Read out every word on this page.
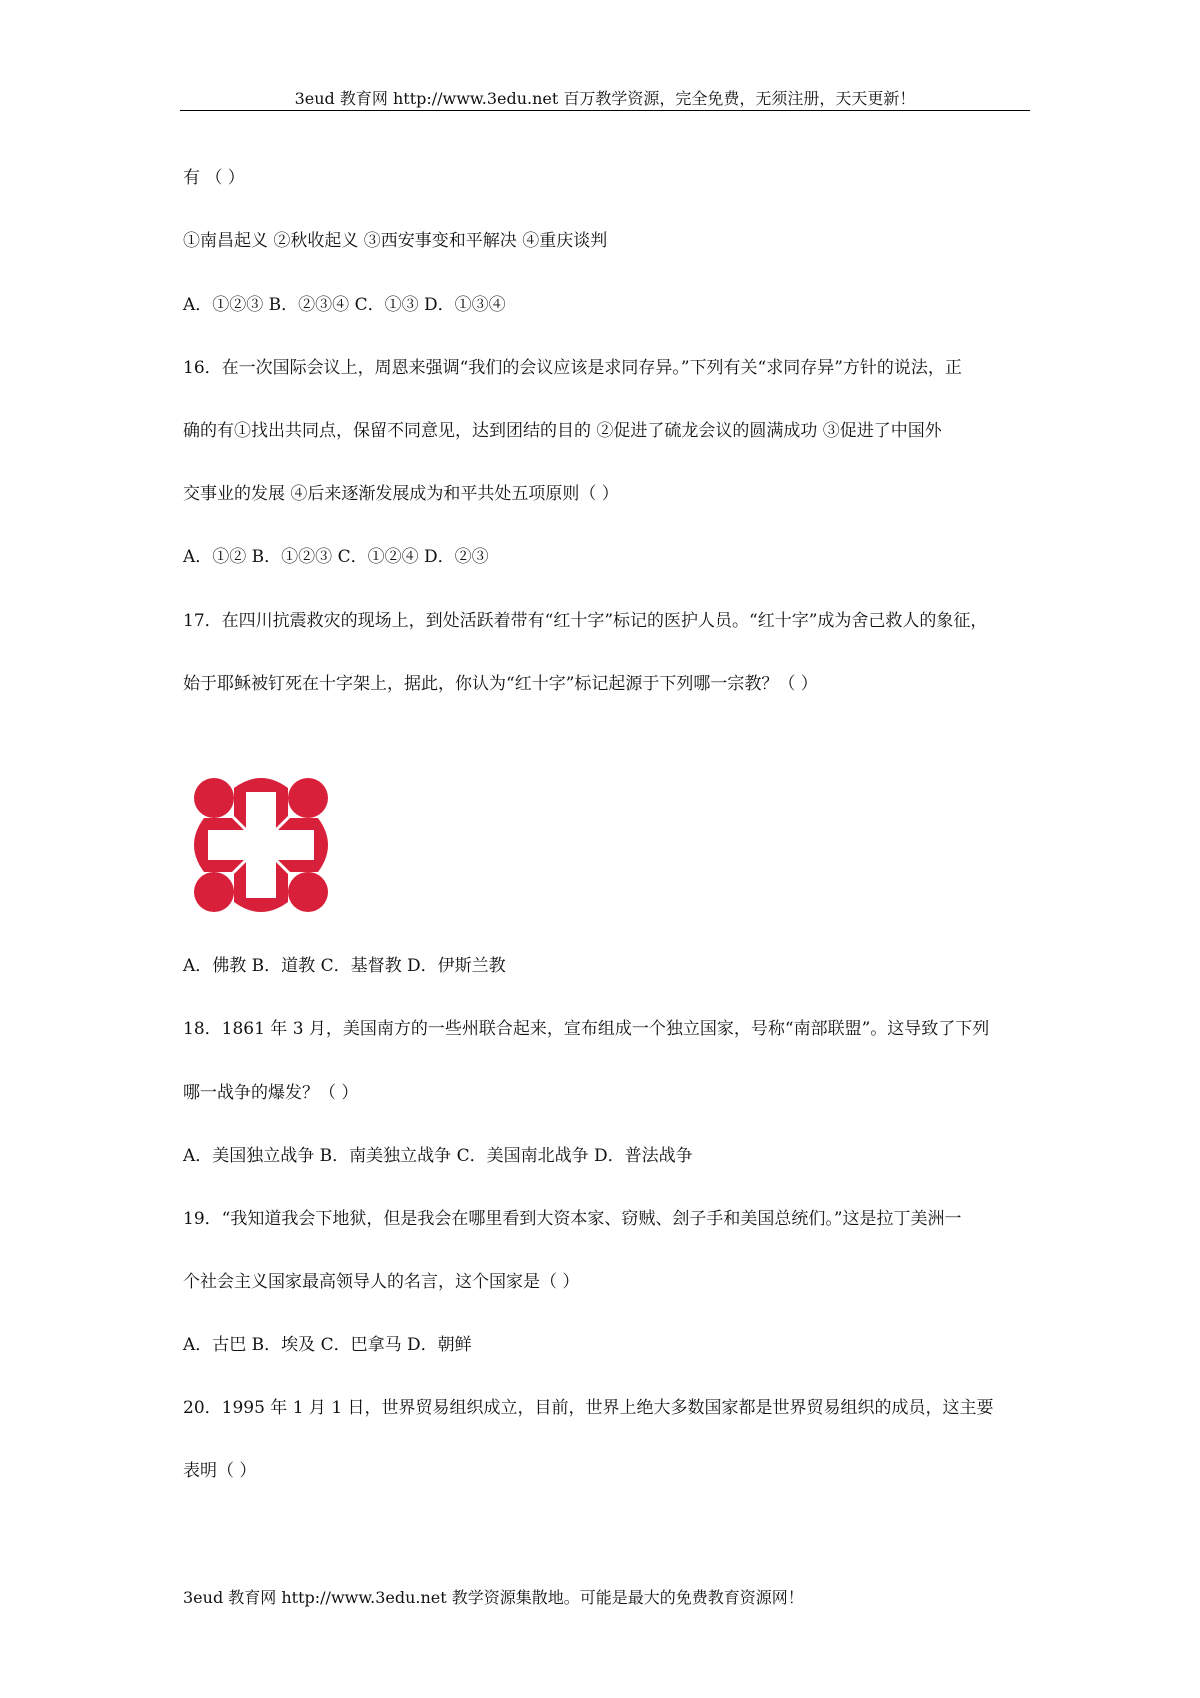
3eud 教育网 http://www.3edu.net 百万教学资源，完全免费，无须注册，天天更新！
有 （ ）
①南昌起义 ②秋收起义 ③西安事变和平解决 ④重庆谈判
A．①②③ B．②③④ C．①③ D．①③④
16．在一次国际会议上，周恩来强调“我们的会议应该是求同存异。”下列有关“求同存异”方针的说法，正
确的有①找出共同点，保留不同意见，达到团结的目的 ②促进了硫龙会议的圆满成功 ③促进了中国外
交事业的发展 ④后来逐渐发展成为和平共处五项原则（ ）
A．①② B．①②③ C．①②④ D．②③
17．在四川抗震救灾的现场上，到处活跃着带有“红十字”标记的医护人员。“红十字”成为舍己救人的象征，
始于耶稣被钉死在十字架上，据此，你认为“红十字”标记起源于下列哪一宗教？（ ）
A．佛教 B．道教 C．基督教 D．伊斯兰教
18．1861 年 3 月，美国南方的一些州联合起来，宣布组成一个独立国家，号称“南部联盟”。这导致了下列
哪一战争的爆发？（ ）
A．美国独立战争 B．南美独立战争 C．美国南北战争 D．普法战争
19．“我知道我会下地狱，但是我会在哪里看到大资本家、窃贼、刽子手和美国总统们。”这是拉丁美洲一
个社会主义国家最高领导人的名言，这个国家是（ ）
A．古巴 B．埃及 C．巴拿马 D．朝鲜
20．1995 年 1 月 1 日，世界贸易组织成立，目前，世界上绝大多数国家都是世界贸易组织的成员，这主要
表明（ ）
3eud 教育网 http://www.3edu.net 教学资源集散地。可能是最大的免费教育资源网！
